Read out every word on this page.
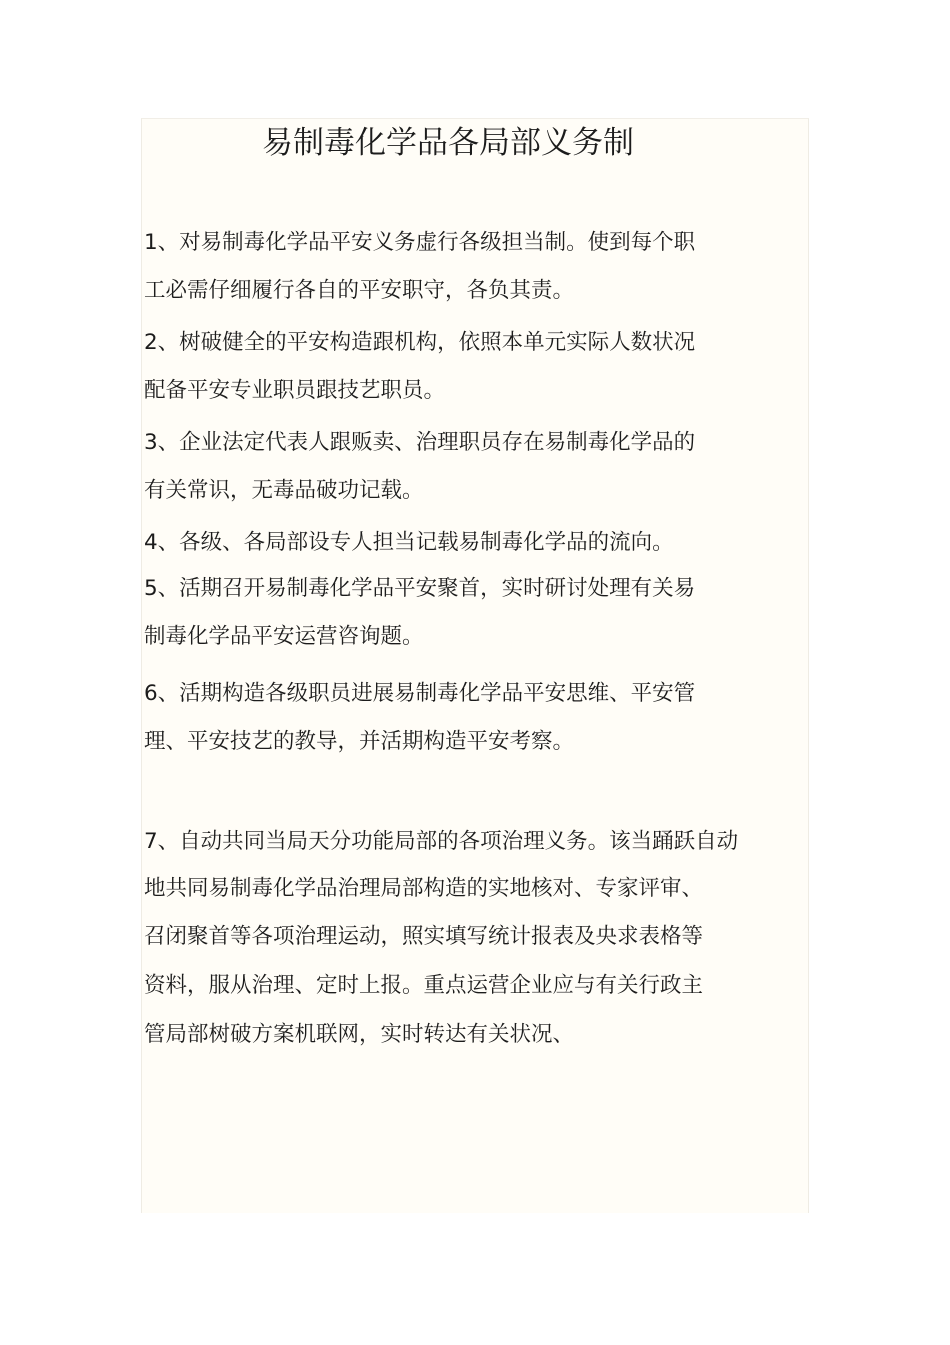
易制毒化学品各局部义务制
1、对易制毒化学品平安义务虚行各级担当制。使到每个职
工必需仔细履行各自的平安职守，各负其责。
2、树破健全的平安构造跟机构，依照本单元实际人数状况
配备平安专业职员跟技艺职员。
3、企业法定代表人跟贩卖、治理职员存在易制毒化学品的
有关常识，无毒品破功记载。
4、各级、各局部设专人担当记载易制毒化学品的流向。
5、活期召开易制毒化学品平安聚首，实时研讨处理有关易
制毒化学品平安运营咨询题。
6、活期构造各级职员进展易制毒化学品平安思维、平安管
理、平安技艺的教导，并活期构造平安考察。
7、自动共同当局天分功能局部的各项治理义务。该当踊跃自动
地共同易制毒化学品治理局部构造的实地核对、专家评审、
召闭聚首等各项治理运动，照实填写统计报表及央求表格等
资料，服从治理、定时上报。重点运营企业应与有关行政主
管局部树破方案机联网，实时转达有关状况、
